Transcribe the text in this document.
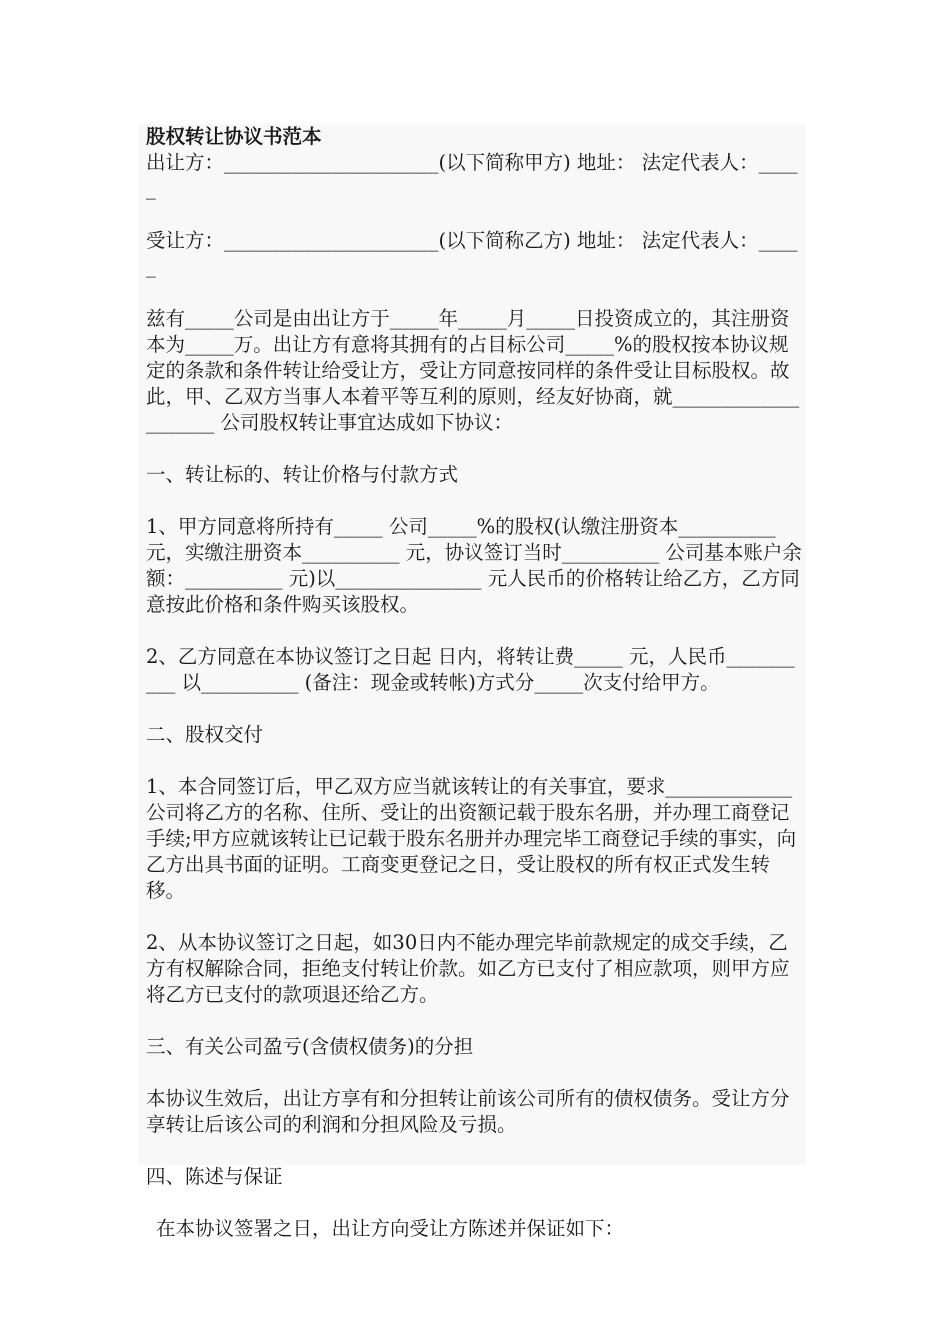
股权转让协议书范本

出让方：______________________(以下简称甲方) 地址： 法定代表人：_____

受让方：______________________(以下简称乙方) 地址： 法定代表人：_____

兹有_____公司是由出让方于_____年_____月_____日投资成立的，其注册资本为_____万。出让方有意将其拥有的占目标公司_____%的股权按本协议规定的条款和条件转让给受让方，受让方同意按同样的条件受让目标股权。故此，甲、乙双方当事人本着平等互利的原则，经友好协商，就____________________ 公司股权转让事宜达成如下协议：

一、转让标的、转让价格与付款方式

1、甲方同意将所持有_____ 公司_____%的股权(认缴注册资本__________ 元，实缴注册资本__________ 元，协议签订当时__________ 公司基本账户余额：__________ 元)以_______________ 元人民币的价格转让给乙方，乙方同意按此价格和条件购买该股权。

2、乙方同意在本协议签订之日起 日内，将转让费_____ 元，人民币__________ 以__________ (备注：现金或转帐)方式分_____次支付给甲方。

二、股权交付

1、本合同签订后，甲乙双方应当就该转让的有关事宜，要求_____________公司将乙方的名称、住所、受让的出资额记载于股东名册，并办理工商登记手续;甲方应就该转让已记载于股东名册并办理完毕工商登记手续的事实，向乙方出具书面的证明。工商变更登记之日，受让股权的所有权正式发生转移。

2、从本协议签订之日起，如30日内不能办理完毕前款规定的成交手续，乙方有权解除合同，拒绝支付转让价款。如乙方已支付了相应款项，则甲方应将乙方已支付的款项退还给乙方。

三、有关公司盈亏(含债权债务)的分担

本协议生效后，出让方享有和分担转让前该公司所有的债权债务。受让方分享转让后该公司的利润和分担风险及亏损。

四、陈述与保证

在本协议签署之日，出让方向受让方陈述并保证如下：
